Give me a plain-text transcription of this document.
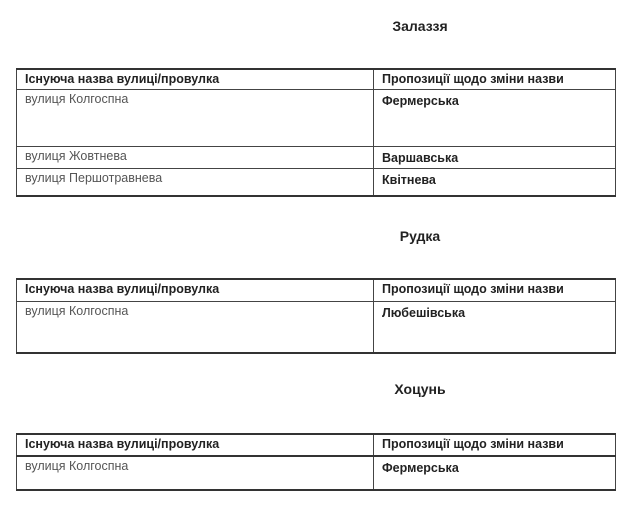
Залаззя
Існуюча назва вулиці/провулка	Пропозиції щодо зміни назви
вулиця Колгоспна	Фермерська
вулиця Жовтнева	Варшавська
вулиця Першотравнева	Квітнева
Рудка
Існуюча назва вулиці/провулка	Пропозиції щодо зміни назви
вулиця Колгоспна	Любешівська
Хоцунь
Існуюча назва вулиці/провулка	Пропозиції щодо зміни назви
вулиця Колгоспна	Фермерська
